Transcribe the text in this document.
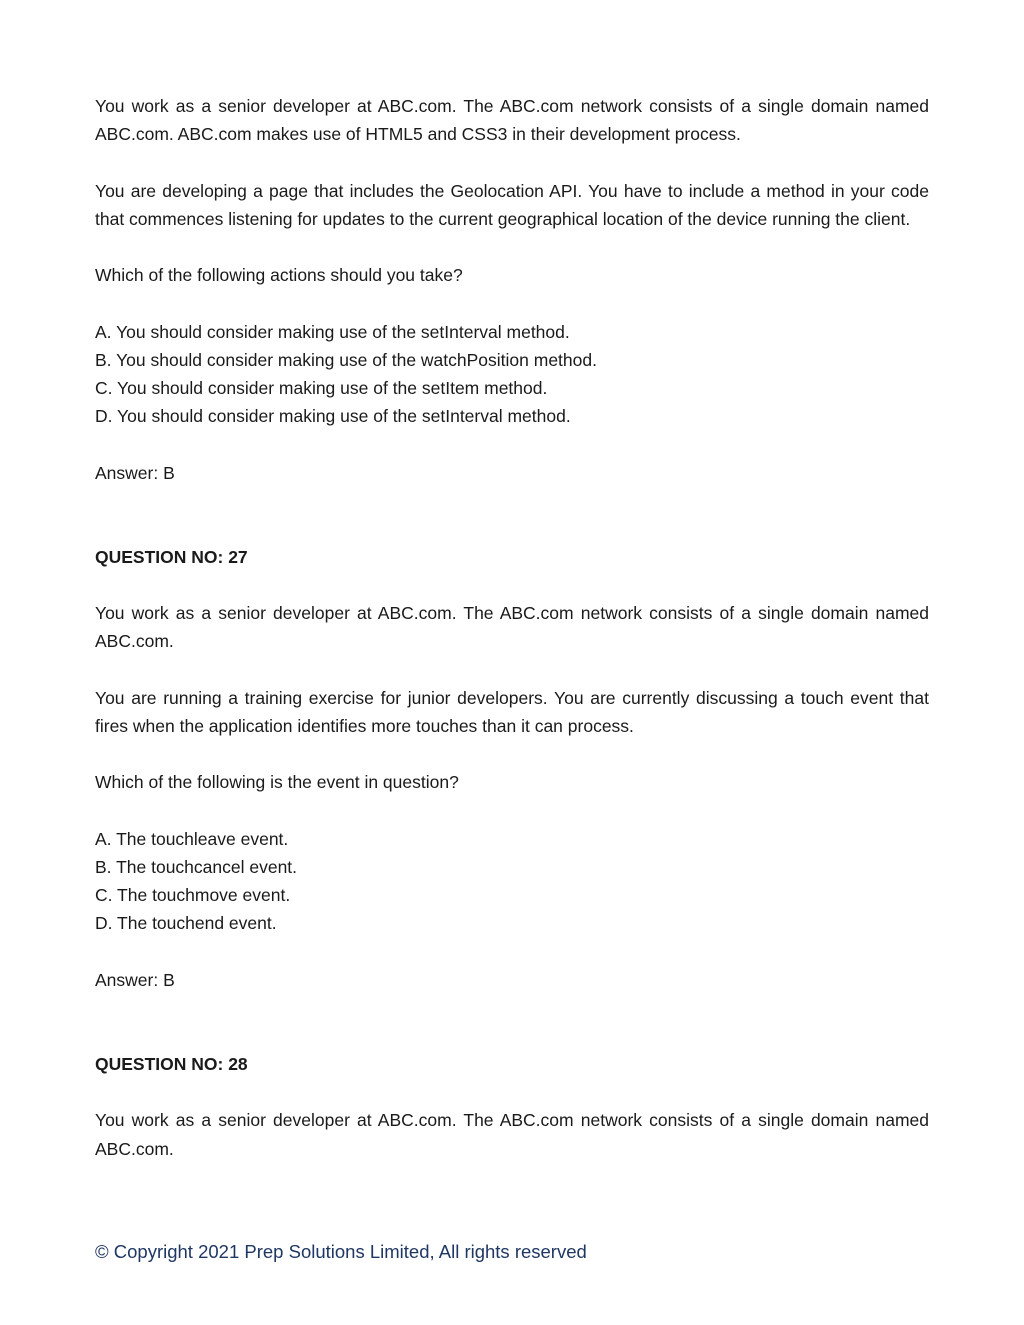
You work as a senior developer at ABC.com. The ABC.com network consists of a single domain named ABC.com. ABC.com makes use of HTML5 and CSS3 in their development process.

You are developing a page that includes the Geolocation API. You have to include a method in your code that commences listening for updates to the current geographical location of the device running the client.

Which of the following actions should you take?

A. You should consider making use of the setInterval method.

B. You should consider making use of the watchPosition method.

C. You should consider making use of the setItem method.

D. You should consider making use of the setInterval method.

Answer: B

QUESTION NO: 27

You work as a senior developer at ABC.com. The ABC.com network consists of a single domain named ABC.com.

You are running a training exercise for junior developers. You are currently discussing a touch event that fires when the application identifies more touches than it can process.

Which of the following is the event in question?

A. The touchleave event.

B. The touchcancel event.

C. The touchmove event.

D. The touchend event.

Answer: B

QUESTION NO: 28

You work as a senior developer at ABC.com. The ABC.com network consists of a single domain named ABC.com.

© Copyright 2021 Prep Solutions Limited, All rights reserved
